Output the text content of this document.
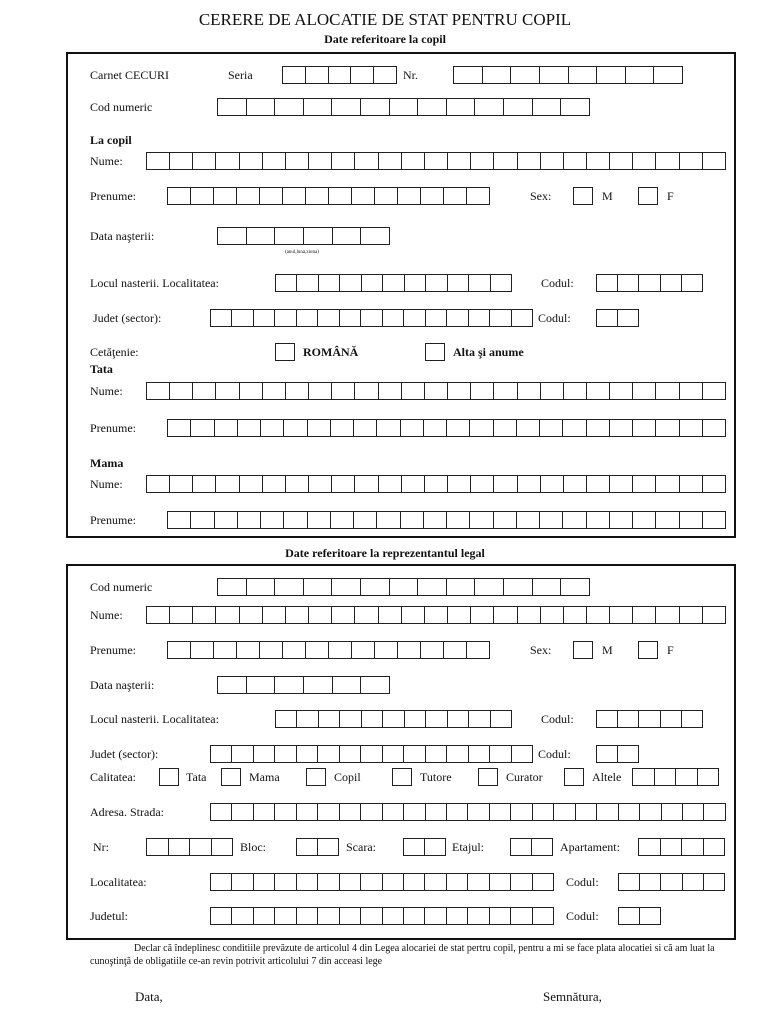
CERERE DE ALOCATIE DE STAT PENTRU COPIL
Date referitoare la copil
Carnet CECURI	Seria	Nr.
Cod numeric
La copil
Nume:
Prenume:	Sex:	M	F
Data naşterii:
(anul,luna,ziuna)
Locul nasterii. Localitatea:	Codul:
Judet (sector):	Codul:
Cetăţenie:	ROMÂNĂ	Alta şi anume
Tata
Nume:
Prenume:
Mama
Nume:
Prenume:
Date referitoare la reprezentantul legal
Cod numeric
Nume:
Prenume:	Sex:	M	F
Data naşterii:
Locul nasterii. Localitatea:	Codul:
Judet (sector):	Codul:
Calitatea:	Tata	Mama	Copil	Tutore	Curator	Altele
Adresa. Strada:
Nr:	Bloc:	Scara:	Etajul:	Apartament:
Localitatea:	Codul:
Judetul:	Codul:
Declar că îndeplinesc conditiile prevăzute de articolul 4 din Legea alocariei de stat pertru copil, pentru a mi se face plata alocatiei si că am luat la cunoştinţă de obligatiile ce-an revin potrivit articolului 7 din acceasi lege
Data,	Semnătura,
